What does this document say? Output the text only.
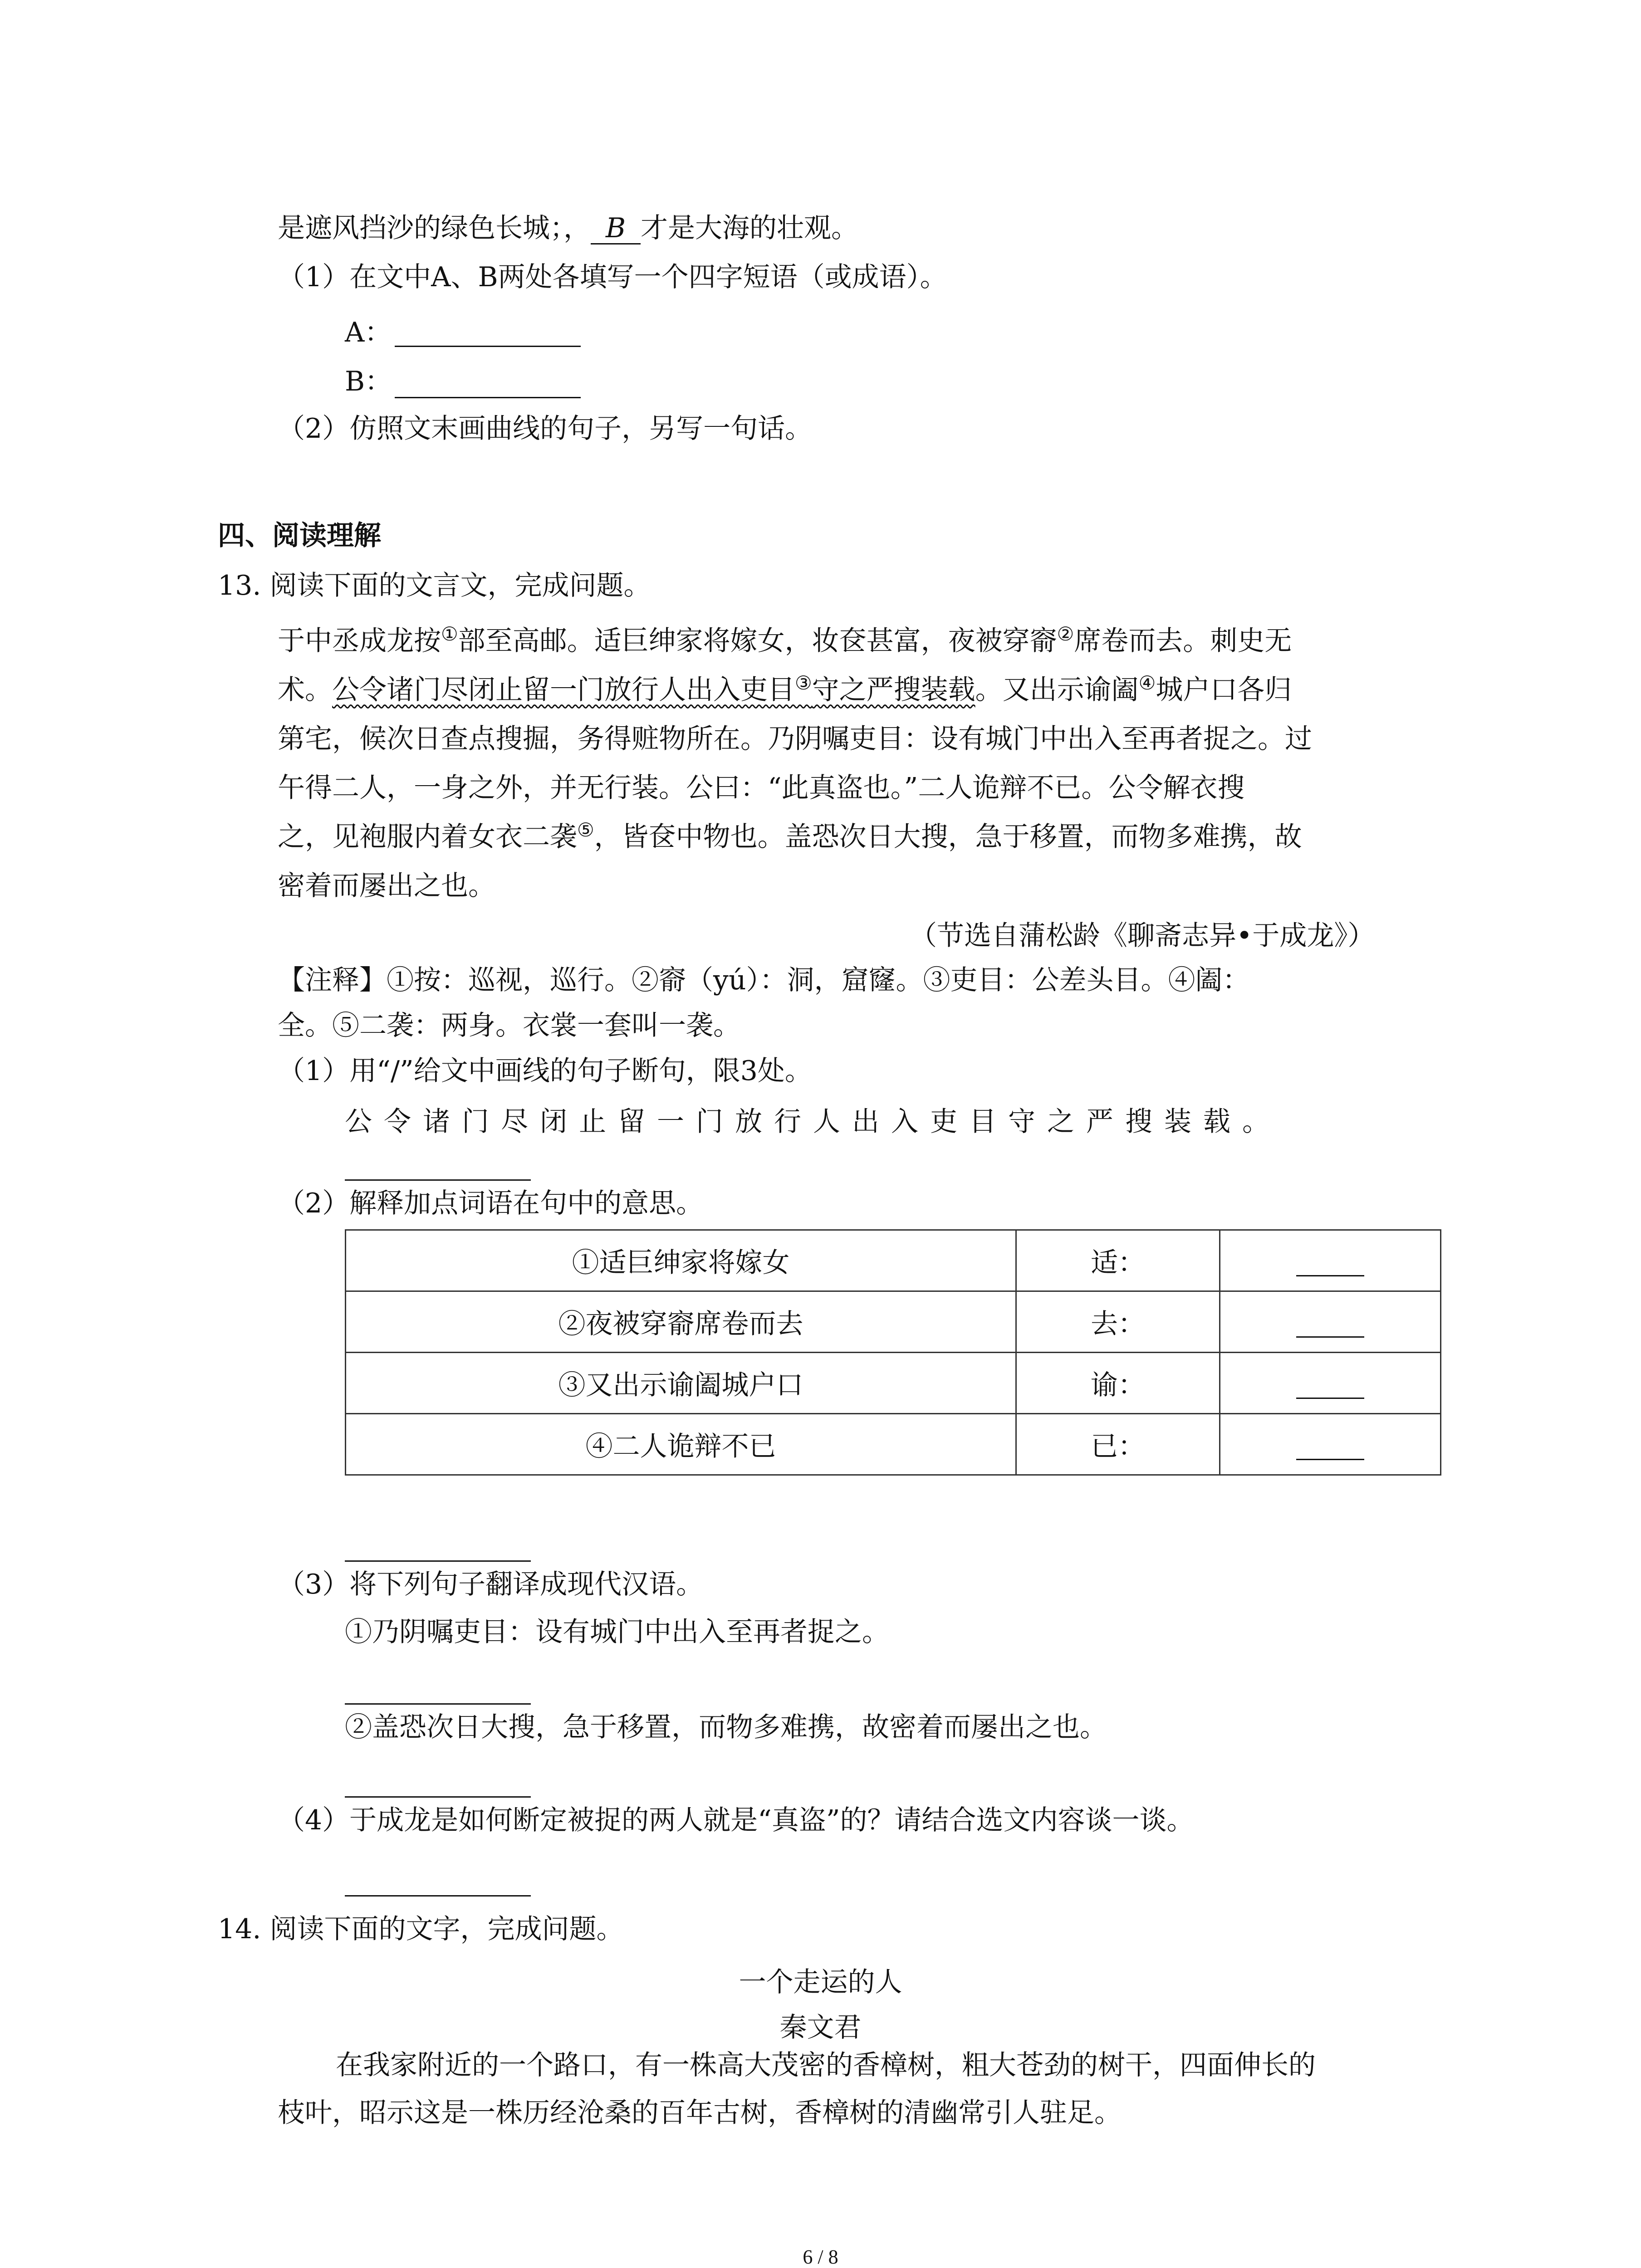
是遮风挡沙的绿色长城；， B 才是大海的壮观。
（1）在文中A、B两处各填写一个四字短语（或成语）。
A：
B：
（2）仿照文末画曲线的句子，另写一句话。
四、阅读理解
13. 阅读下面的文言文，完成问题。
于中丞成龙按①部至高邮。适巨绅家将嫁女，妆奁甚富，夜被穿窬②席卷而去。刺史无
术。公令诸门尽闭止留一门放行人出入吏目③守之严搜装载。又出示谕阖④城户口各归
第宅，候次日查点搜掘，务得赃物所在。乃阴嘱吏目：设有城门中出入至再者捉之。过
午得二人，一身之外，并无行装。公曰：“此真盗也。”二人诡辩不已。公令解衣搜
之，见袍服内着女衣二袭⑤，皆奁中物也。盖恐次日大搜，急于移置，而物多难携，故
密着而屡出之也。
（节选自蒲松龄《聊斋志异•于成龙》）
【注释】①按：巡视，巡行。②窬（yú）：洞，窟窿。③吏目：公差头目。④阖：
全。⑤二袭：两身。衣裳一套叫一袭。
（1）用“/”给文中画线的句子断句，限3处。
公令诸门尽闭止留一门放行人出入吏目守之严搜装载。
（2）解释加点词语在句中的意思。
①适巨绅家将嫁女	适：	
②夜被穿窬席卷而去	去：	
③又出示谕阖城户口	谕：	
④二人诡辩不已	已：	
（3）将下列句子翻译成现代汉语。
①乃阴嘱吏目：设有城门中出入至再者捉之。
②盖恐次日大搜，急于移置，而物多难携，故密着而屡出之也。
（4）于成龙是如何断定被捉的两人就是“真盗”的？请结合选文内容谈一谈。
14. 阅读下面的文字，完成问题。
一个走运的人
秦文君
在我家附近的一个路口，有一株高大茂密的香樟树，粗大苍劲的树干，四面伸长的
枝叶，昭示这是一株历经沧桑的百年古树，香樟树的清幽常引人驻足。
6 / 8
